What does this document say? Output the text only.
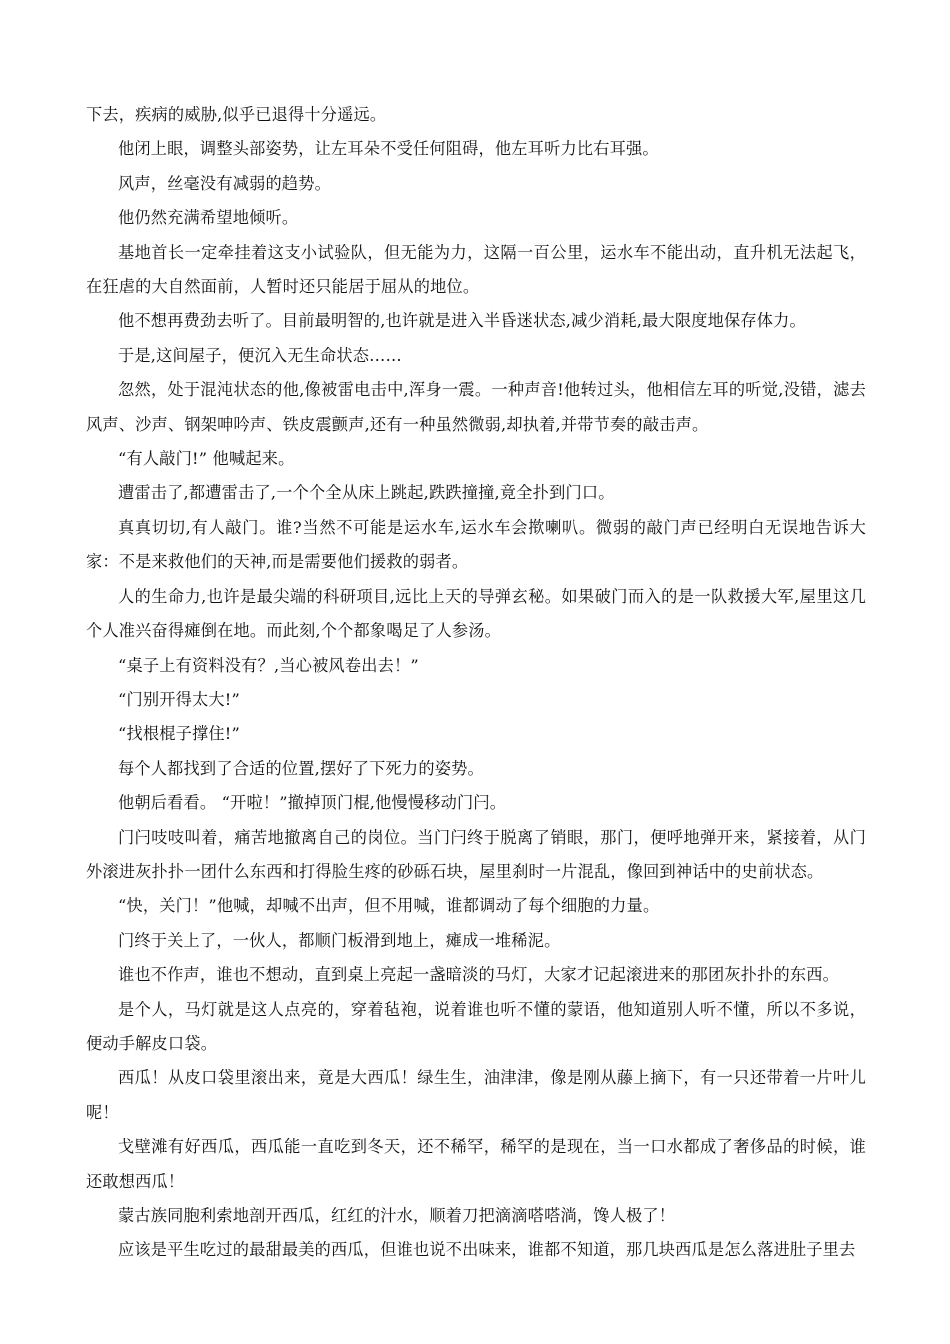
下去，疾病的威胁,似乎已退得十分遥远。

他闭上眼，调整头部姿势，让左耳朵不受任何阻碍，他左耳听力比右耳强。

风声，丝毫没有减弱的趋势。

他仍然充满希望地倾听。

基地首长一定牵挂着这支小试验队，但无能为力，这隔一百公里，运水车不能出动，直升机无法起飞，在狂虐的大自然面前，人暂时还只能居于屈从的地位。

他不想再费劲去听了。目前最明智的,也许就是进入半昏迷状态,减少消耗,最大限度地保存体力。

于是,这间屋子，便沉入无生命状态……

忽然，处于混沌状态的他,像被雷电击中,浑身一震。一种声音!他转过头，他相信左耳的听觉,没错，滤去风声、沙声、钢架呻吟声、铁皮震颤声,还有一种虽然微弱,却执着,并带节奏的敲击声。

“有人敲门!” 他喊起来。

遭雷击了,都遭雷击了,一个个全从床上跳起,跌跌撞撞,竟全扑到门口。

真真切切,有人敲门。谁?当然不可能是运水车,运水车会揿喇叭。微弱的敲门声已经明白无误地告诉大家：不是来救他们的天神,而是需要他们援救的弱者。

人的生命力,也许是最尖端的科研项目,远比上天的导弹玄秘。如果破门而入的是一队救援大军,屋里这几个人准兴奋得瘫倒在地。而此刻,个个都象喝足了人参汤。

“桌子上有资料没有？,当心被风卷出去！”

“门别开得太大!”

“找根棍子撑住!”

每个人都找到了合适的位置,摆好了下死力的姿势。

他朝后看看。 “开啦！”撤掉顶门棍,他慢慢移动门闩。

门闩吱吱叫着，痛苦地撤离自己的岗位。当门闩终于脱离了销眼，那门，便呼地弹开来，紧接着，从门外滚进灰扑扑一团什么东西和打得脸生疼的砂砾石块，屋里刹时一片混乱，像回到神话中的史前状态。

“快，关门！”他喊，却喊不出声，但不用喊，谁都调动了每个细胞的力量。

门终于关上了，一伙人，都顺门板滑到地上，瘫成一堆稀泥。

谁也不作声，谁也不想动，直到桌上亮起一盏暗淡的马灯，大家才记起滚进来的那团灰扑扑的东西。

是个人，马灯就是这人点亮的，穿着毡袍，说着谁也听不懂的蒙语，他知道别人听不懂，所以不多说，便动手解皮口袋。

西瓜！从皮口袋里滚出来，竟是大西瓜！绿生生，油津津，像是刚从藤上摘下，有一只还带着一片叶儿呢！

戈壁滩有好西瓜，西瓜能一直吃到冬天，还不稀罕，稀罕的是现在，当一口水都成了奢侈品的时候，谁还敢想西瓜！

蒙古族同胞利索地剖开西瓜，红红的汁水，顺着刀把滴滴嗒嗒淌，馋人极了！

应该是平生吃过的最甜最美的西瓜，但谁也说不出味来，谁都不知道，那几块西瓜是怎么落进肚子里去
